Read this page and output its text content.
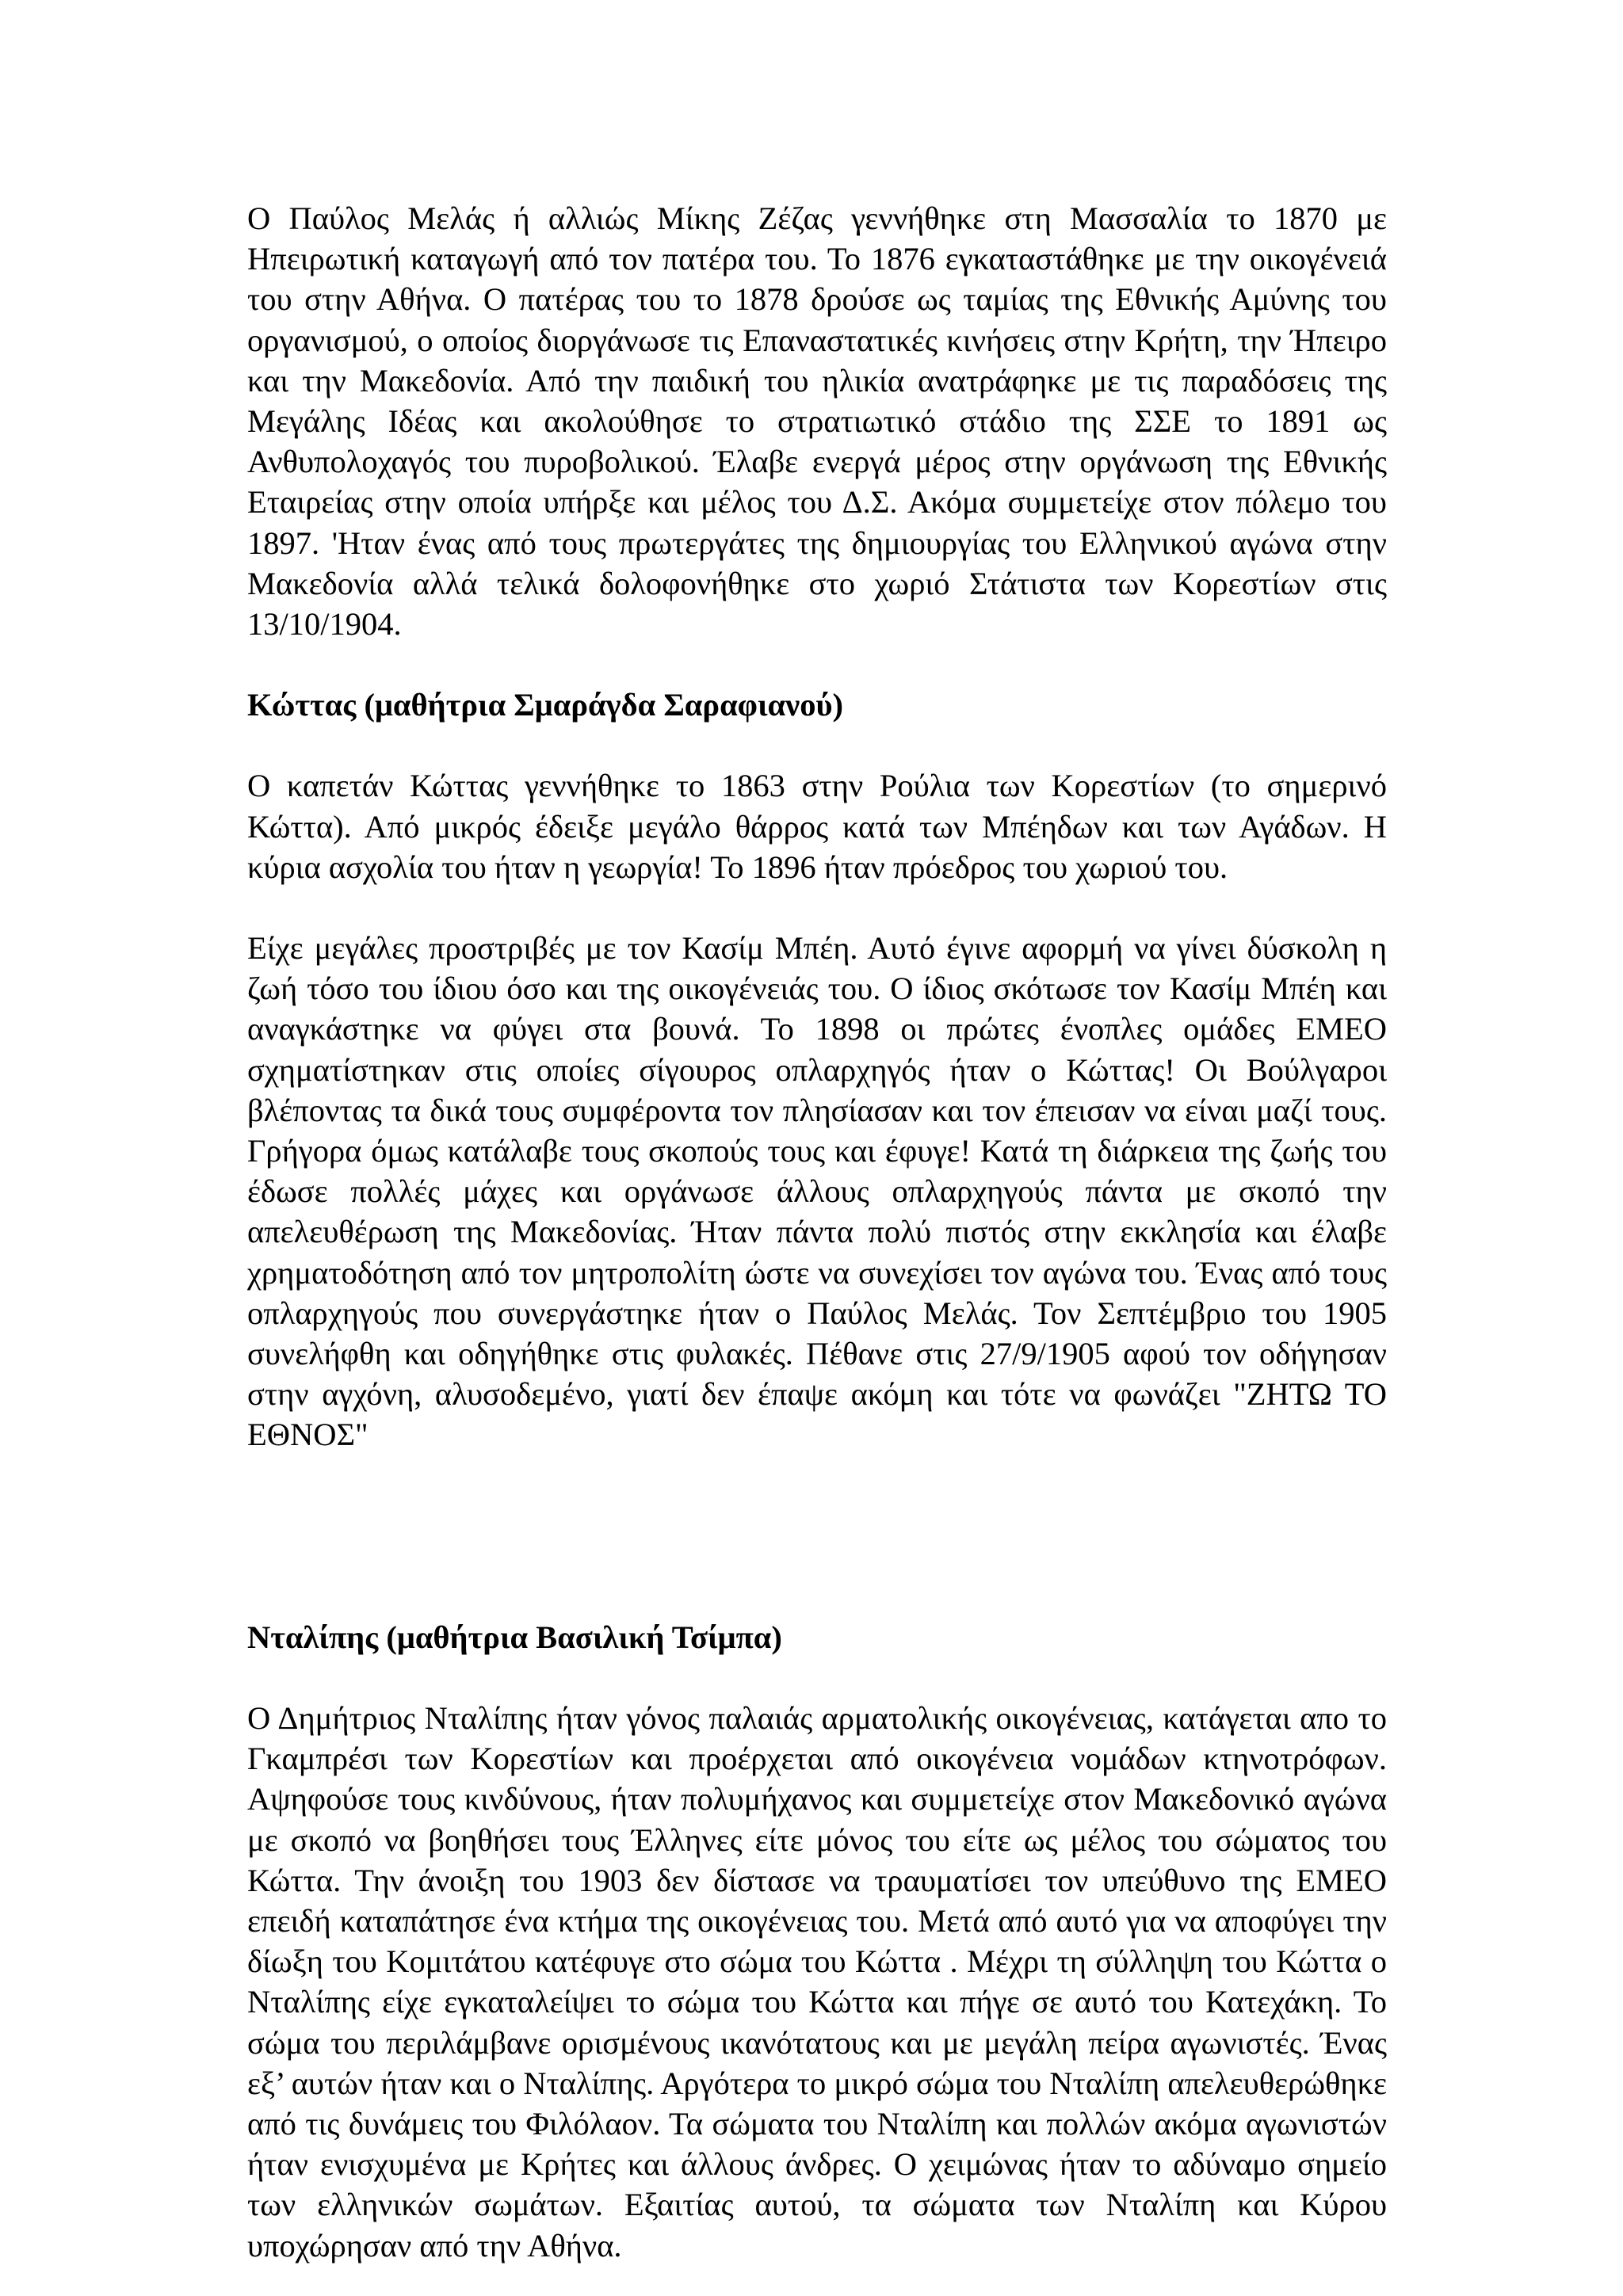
Ο Παύλος Μελάς ή αλλιώς Μίκης Ζέζας γεννήθηκε στη Μασσαλία το 1870 με Ηπειρωτική καταγωγή από τον πατέρα του. Το 1876 εγκαταστάθηκε με την οικογένειά του στην Αθήνα. Ο πατέρας του το 1878 δρούσε ως ταμίας της Εθνικής Αμύνης του οργανισμού, ο οποίος διοργάνωσε τις Επαναστατικές κινήσεις στην Κρήτη, την Ήπειρο και την Μακεδονία. Από την παιδική του ηλικία ανατράφηκε με τις παραδόσεις της Μεγάλης Ιδέας και ακολούθησε το στρατιωτικό στάδιο της ΣΣΕ το 1891 ως Ανθυπολοχαγός του πυροβολικού. Έλαβε ενεργά μέρος στην οργάνωση της Εθνικής Εταιρείας στην οποία υπήρξε και μέλος του Δ.Σ. Ακόμα συμμετείχε στον πόλεμο του 1897. 'Ηταν ένας από τους πρωτεργάτες της δημιουργίας του Ελληνικού αγώνα στην Μακεδονία αλλά τελικά δολοφονήθηκε στο χωριό Στάτιστα των Κορεστίων στις 13/10/1904.

Κώττας (μαθήτρια Σμαράγδα Σαραφιανού)

Ο καπετάν Κώττας γεννήθηκε το 1863 στην Ρούλια των Κορεστίων (το σημερινό Κώττα). Από μικρός έδειξε μεγάλο θάρρος κατά των Μπέηδων και των Αγάδων. Η κύρια ασχολία του ήταν η γεωργία! Το 1896 ήταν πρόεδρος του χωριού του.

Είχε μεγάλες προστριβές με τον Κασίμ Μπέη. Αυτό έγινε αφορμή να γίνει δύσκολη η ζωή τόσο του ίδιου όσο και της οικογένειάς του. Ο ίδιος σκότωσε τον Κασίμ Μπέη και αναγκάστηκε να φύγει στα βουνά. Το 1898 οι πρώτες ένοπλες ομάδες ΕΜΕΟ σχηματίστηκαν στις οποίες σίγουρος οπλαρχηγός ήταν ο Κώττας! Οι Βούλγαροι βλέποντας τα δικά τους συμφέροντα τον πλησίασαν και τον έπεισαν να είναι μαζί τους. Γρήγορα όμως κατάλαβε τους σκοπούς τους και έφυγε! Κατά τη διάρκεια της ζωής του έδωσε πολλές μάχες και οργάνωσε άλλους οπλαρχηγούς πάντα με σκοπό την απελευθέρωση της Μακεδονίας. Ήταν πάντα πολύ πιστός στην εκκλησία και έλαβε χρηματοδότηση από τον μητροπολίτη ώστε να συνεχίσει τον αγώνα του. Ένας από τους οπλαρχηγούς που συνεργάστηκε ήταν ο Παύλος Μελάς. Τον Σεπτέμβριο του 1905 συνελήφθη και οδηγήθηκε στις φυλακές. Πέθανε στις 27/9/1905 αφού τον οδήγησαν στην αγχόνη, αλυσοδεμένο, γιατί δεν έπαψε ακόμη και τότε να φωνάζει "ΖΗΤΩ ΤΟ ΕΘΝΟΣ"

Νταλίπης (μαθήτρια Βασιλική Τσίμπα)

Ο Δημήτριος Νταλίπης ήταν γόνος παλαιάς αρματολικής οικογένειας, κατάγεται απο το Γκαμπρέσι των Κορεστίων και προέρχεται από οικογένεια νομάδων κτηνοτρόφων. Αψηφούσε τους κινδύνους, ήταν πολυμήχανος και συμμετείχε στον Μακεδονικό αγώνα με σκοπό να βοηθήσει τους Έλληνες είτε μόνος του είτε ως μέλος του σώματος του Κώττα. Την άνοιξη του 1903 δεν δίστασε να τραυματίσει τον υπεύθυνο της ΕΜΕΟ επειδή καταπάτησε ένα κτήμα της οικογένειας του. Μετά από αυτό για να αποφύγει την δίωξη του Κομιτάτου κατέφυγε στο σώμα του Κώττα . Μέχρι τη σύλληψη του Κώττα ο Νταλίπης είχε εγκαταλείψει το σώμα του Κώττα και πήγε σε αυτό του Κατεχάκη. Το σώμα του περιλάμβανε ορισμένους ικανότατους και με μεγάλη πείρα αγωνιστές. Ένας εξ’ αυτών ήταν και ο Νταλίπης. Αργότερα το μικρό σώμα του Νταλίπη απελευθερώθηκε από τις δυνάμεις του Φιλόλαον. Τα σώματα του Νταλίπη και πολλών ακόμα αγωνιστών ήταν ενισχυμένα με Κρήτες και άλλους άνδρες. Ο χειμώνας ήταν το αδύναμο σημείο των ελληνικών σωμάτων. Εξαιτίας αυτού, τα σώματα των Νταλίπη και Κύρου υποχώρησαν από την Αθήνα.
